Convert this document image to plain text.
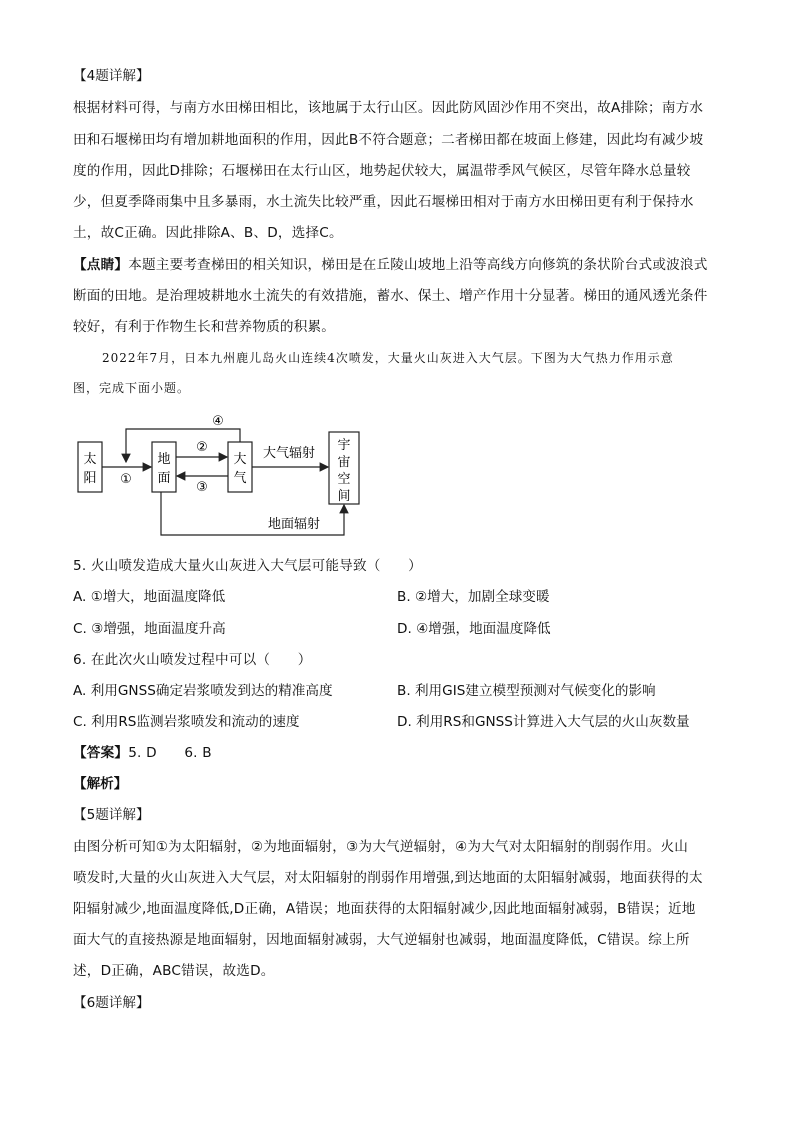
【4题详解】
根据材料可得，与南方水田梯田相比，该地属于太行山区。因此防风固沙作用不突出，故A排除；南方水
田和石堰梯田均有增加耕地面积的作用，因此B不符合题意；二者梯田都在坡面上修建，因此均有减少坡
度的作用，因此D排除；石堰梯田在太行山区，地势起伏较大，属温带季风气候区，尽管年降水总量较
少，但夏季降雨集中且多暴雨，水土流失比较严重，因此石堰梯田相对于南方水田梯田更有利于保持水
土，故C正确。因此排除A、B、D，选择C。
【点睛】本题主要考查梯田的相关知识，梯田是在丘陵山坡地上沿等高线方向修筑的条状阶台式或波浪式
断面的田地。是治理坡耕地水土流失的有效措施，蓄水、保土、增产作用十分显著。梯田的通风透光条件
较好，有利于作物生长和营养物质的积累。
2022年7月，日本九州鹿儿岛火山连续4次喷发，大量火山灰进入大气层。下图为大气热力作用示意
图，完成下面小题。
太
阳
地
面
大
气
宇
宙
空
间
①
②
③
④
大气辐射
地面辐射
5. 火山喷发造成大量火山灰进入大气层可能导致（　　）
A. ①增大，地面温度降低	B. ②增大，加剧全球变暖
C. ③增强，地面温度升高	D. ④增强，地面温度降低
6. 在此次火山喷发过程中可以（　　）
A. 利用GNSS确定岩浆喷发到达的精准高度	B. 利用GIS建立模型预测对气候变化的影响
C. 利用RS监测岩浆喷发和流动的速度	D. 利用RS和GNSS计算进入大气层的火山灰数量
【答案】5. D　　6. B
【解析】
【5题详解】
由图分析可知①为太阳辐射，②为地面辐射，③为大气逆辐射，④为大气对太阳辐射的削弱作用。火山
喷发时,大量的火山灰进入大气层，对太阳辐射的削弱作用增强,到达地面的太阳辐射减弱，地面获得的太
阳辐射减少,地面温度降低,D正确，A错误；地面获得的太阳辐射减少,因此地面辐射减弱，B错误；近地
面大气的直接热源是地面辐射，因地面辐射减弱，大气逆辐射也减弱，地面温度降低，C错误。综上所
述，D正确，ABC错误，故选D。
【6题详解】
